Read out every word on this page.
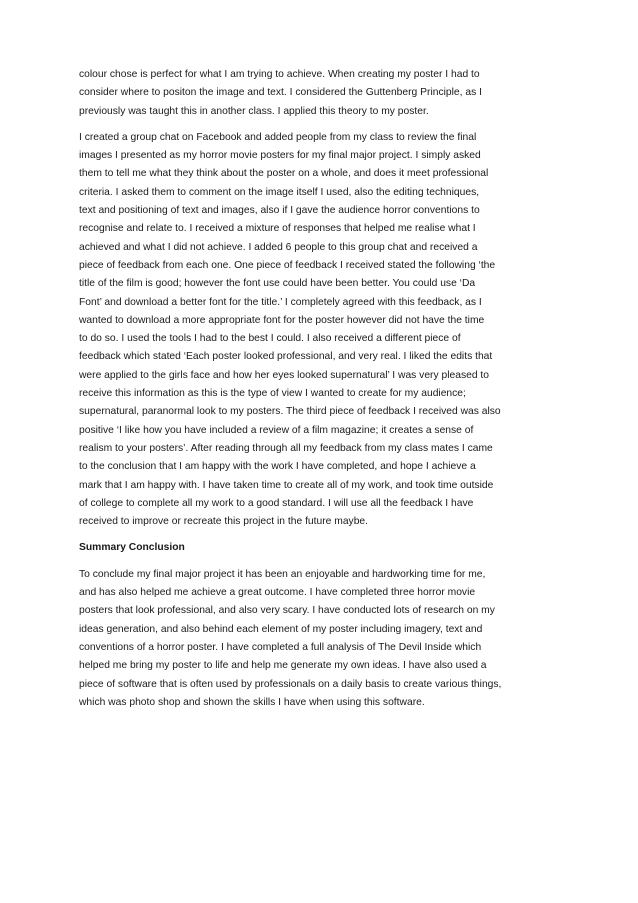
colour chose is perfect for what I am trying to achieve. When creating my poster I had to
consider where to positon the image and text. I considered the Guttenberg Principle, as I
previously was taught this in another class. I applied this theory to my poster.
I created a group chat on Facebook and added people from my class to review the final
images I presented as my horror movie posters for my final major project. I simply asked
them to tell me what they think about the poster on a whole, and does it meet professional
criteria. I asked them to comment on the image itself I used, also the editing techniques,
text and positioning of text and images, also if I gave the audience horror conventions to
recognise and relate to. I received a mixture of responses that helped me realise what I
achieved and what I did not achieve. I added 6 people to this group chat and received a
piece of feedback from each one. One piece of feedback I received stated the following ‘the
title of the film is good; however the font use could have been better. You could use ‘Da
Font’ and download a better font for the title.’ I completely agreed with this feedback, as I
wanted to download a more appropriate font for the poster however did not have the time
to do so. I used the tools I had to the best I could. I also received a different piece of
feedback which stated ‘Each poster looked professional, and very real. I liked the edits that
were applied to the girls face and how her eyes looked supernatural’ I was very pleased to
receive this information as this is the type of view I wanted to create for my audience;
supernatural, paranormal look to my posters. The third piece of feedback I received was also
positive ‘I like how you have included a review of a film magazine; it creates a sense of
realism to your posters’. After reading through all my feedback from my class mates I came
to the conclusion that I am happy with the work I have completed, and hope I achieve a
mark that I am happy with. I have taken time to create all of my work, and took time outside
of college to complete all my work to a good standard. I will use all the feedback I have
received to improve or recreate this project in the future maybe.
Summary Conclusion
To conclude my final major project it has been an enjoyable and hardworking time for me,
and has also helped me achieve a great outcome. I have completed three horror movie
posters that look professional, and also very scary. I have conducted lots of research on my
ideas generation, and also behind each element of my poster including imagery, text and
conventions of a horror poster. I have completed a full analysis of The Devil Inside which
helped me bring my poster to life and help me generate my own ideas. I have also used a
piece of software that is often used by professionals on a daily basis to create various things,
which was photo shop and shown the skills I have when using this software.
